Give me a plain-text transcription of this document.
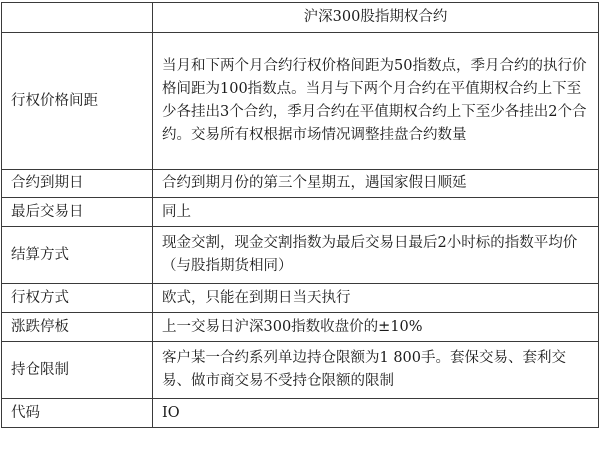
	沪深300股指期权合约
行权价格间距	当月和下两个月合约行权价格间距为50指数点，季月合约的执行价格间距为100指数点。当月与下两个月合约在平值期权合约上下至少各挂出3个合约，季月合约在平值期权合约上下至少各挂出2个合约。交易所有权根据市场情况调整挂盘合约数量
合约到期日	合约到期月份的第三个星期五，遇国家假日顺延
最后交易日	同上
结算方式	现金交割，现金交割指数为最后交易日最后2小时标的指数平均价（与股指期货相同）
行权方式	欧式，只能在到期日当天执行
涨跌停板	上一交易日沪深300指数收盘价的±10%
持仓限制	客户某一合约系列单边持仓限额为1 800手。套保交易、套利交易、做市商交易不受持仓限额的限制
代码	IO
